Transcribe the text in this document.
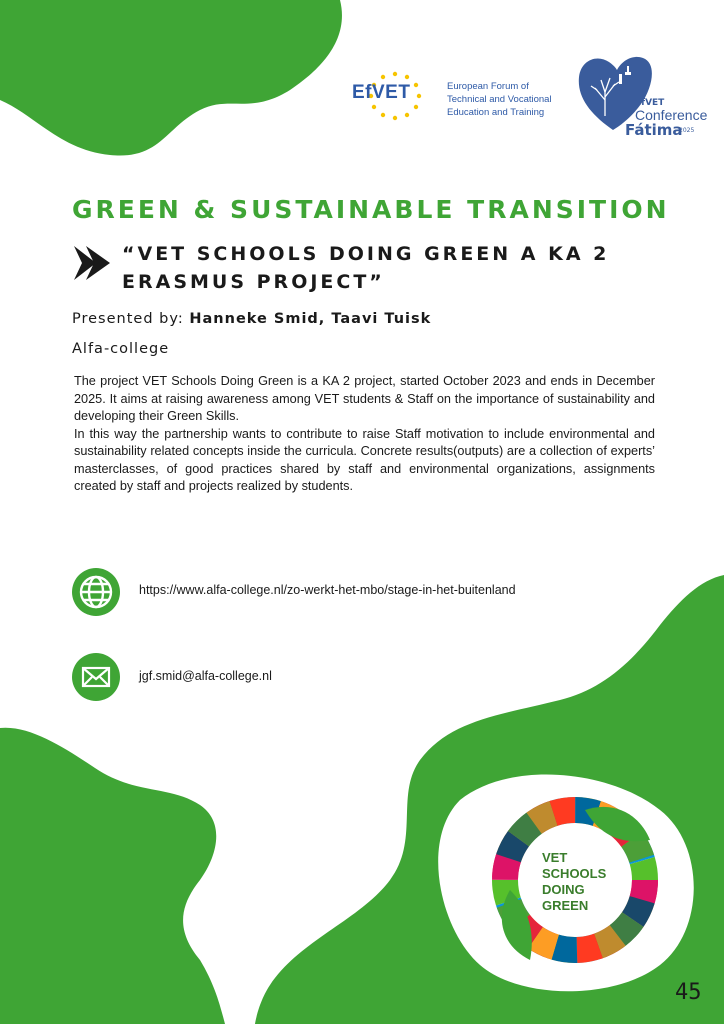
EfVET	European Forum of
Technical and Vocational
Education and Training
EfVET
Conference
Fátima
2025
GREEN & SUSTAINABLE TRANSITION
“VET SCHOOLS DOING GREEN A KA 2 ERASMUS PROJECT”
Presented by: Hanneke Smid, Taavi Tuisk
Alfa-college

The project VET Schools Doing Green is a KA 2 project, started October 2023 and ends in December 2025. It aims at raising awareness among VET students & Staff on the importance of sustainability and developing their Green Skills.

In this way the partnership wants to contribute to raise Staff motivation to include environmental and sustainability related concepts inside the curricula. Concrete results(outputs) are a collection of experts’ masterclasses, of good practices shared by staff and environmental organizations, assignments created by staff and projects realized by students.

https://www.alfa-college.nl/zo-werkt-het-mbo/stage-in-het-buitenland
jgf.smid@alfa-college.nl
VET
SCHOOLS
DOING
GREEN
45
